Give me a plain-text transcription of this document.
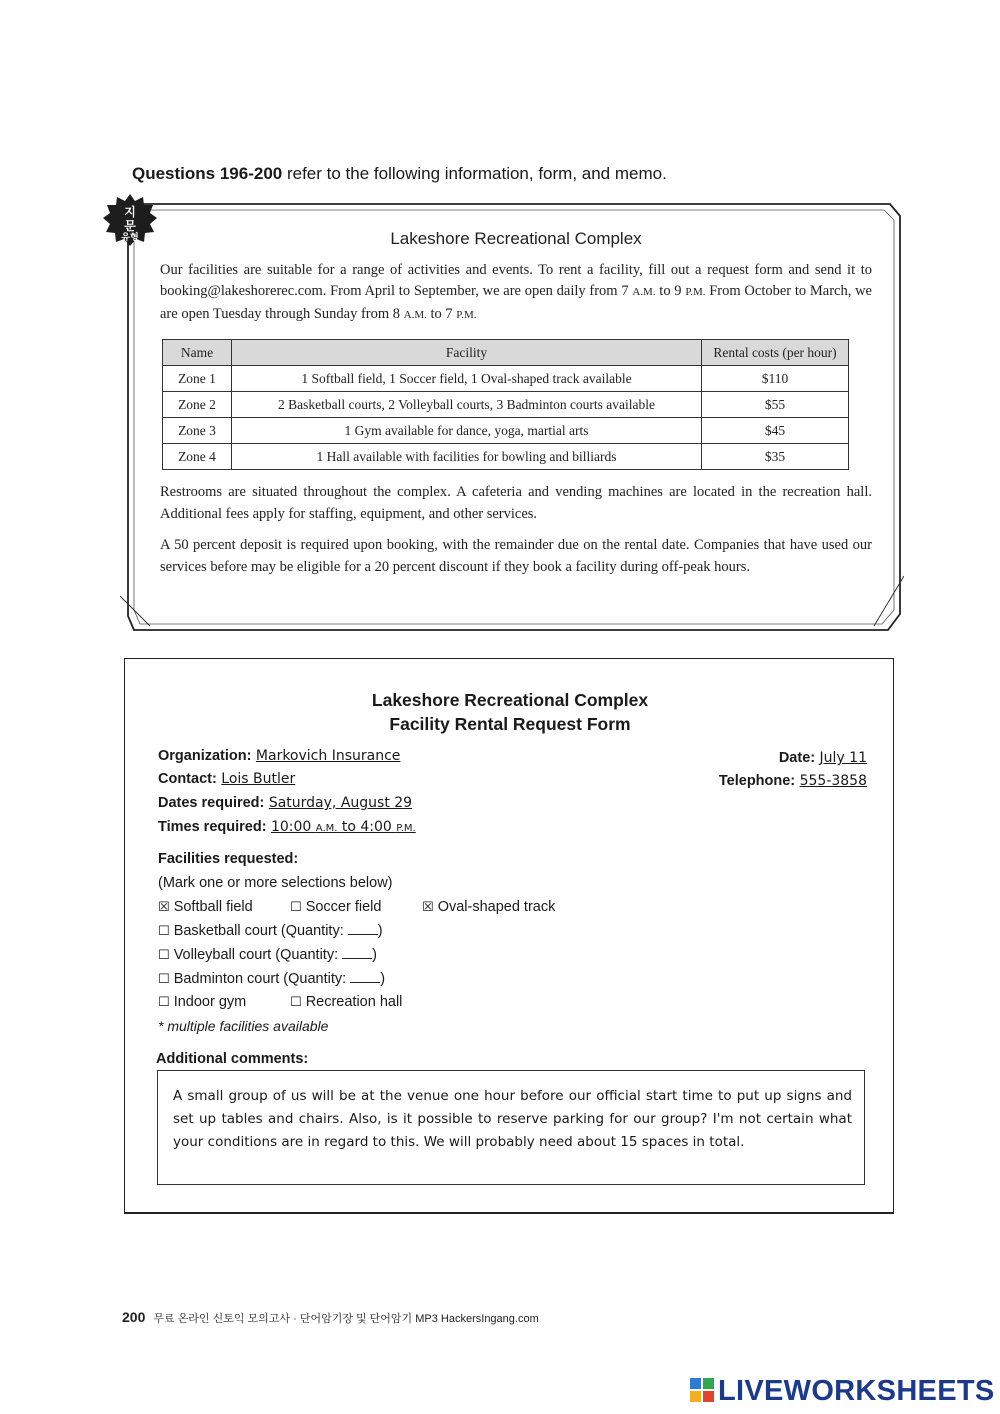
Questions 196-200 refer to the following information, form, and memo.
지
문
유형	Lakeshore Recreational Complex

Our facilities are suitable for a range of activities and events. To rent a facility, fill out a request form and send it to booking@lakeshorerec.com. From April to September, we are open daily from 7 A.M. to 9 P.M. From October to March, we are open Tuesday through Sunday from 8 A.M. to 7 P.M.

Name	Facility	Rental costs (per hour)
Zone 1	1 Softball field, 1 Soccer field, 1 Oval-shaped track available	$110
Zone 2	2 Basketball courts, 2 Volleyball courts, 3 Badminton courts available	$55
Zone 3	1 Gym available for dance, yoga, martial arts	$45
Zone 4	1 Hall available with facilities for bowling and billiards	$35

Restrooms are situated throughout the complex. A cafeteria and vending machines are located in the recreation hall. Additional fees apply for staffing, equipment, and other services.

A 50 percent deposit is required upon booking, with the remainder due on the rental date. Companies that have used our services before may be eligible for a 20 percent discount if they book a facility during off-peak hours.

Lakeshore Recreational Complex
Facility Rental Request Form
Organization: Markovich Insurance
Contact: Lois Butler
Dates required: Saturday, August 29
Times required: 10:00 A.M. to 4:00 P.M.
Date: July 11
Telephone: 555-3858
Facilities requested:
(Mark one or more selections below)
☒ Softball field	☐ Soccer field	☒ Oval-shaped track
☐ Basketball court (Quantity: )
☐ Volleyball court (Quantity: )
☐ Badminton court (Quantity: )
☐ Indoor gym	☐ Recreation hall
* multiple facilities available
Additional comments:
A small group of us will be at the venue one hour before our official start time to put up signs and set up tables and chairs. Also, is it possible to reserve parking for our group? I'm not certain what your conditions are in regard to this. We will probably need about 15 spaces in total.
200 무료 온라인 신토익 모의고사 · 단어암기장 및 단어암기 MP3 HackersIngang.com
LIVEWORKSHEETS
